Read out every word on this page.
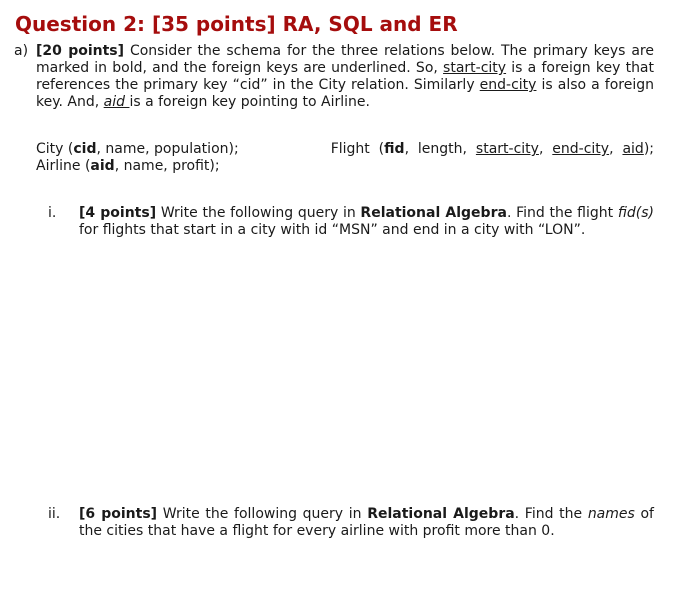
Question 2: [35 points] RA, SQL and ER
a) [20 points] Consider the schema for the three relations below. The primary keys are marked in bold, and the foreign keys are underlined. So, start-city is a foreign key that references the primary key “cid” in the City relation. Similarly end-city is also a foreign key. And, aid is a foreign key pointing to Airline.
City (cid, name, population);	Flight  (fid,  length,  start-city,  end-city,  aid);
Airline (aid, name, profit);
i. [4 points] Write the following query in Relational Algebra. Find the flight fid(s) for flights that start in a city with id “MSN” and end in a city with “LON”.
ii. [6 points] Write the following query in Relational Algebra. Find the names of the cities that have a flight for every airline with profit more than 0.
